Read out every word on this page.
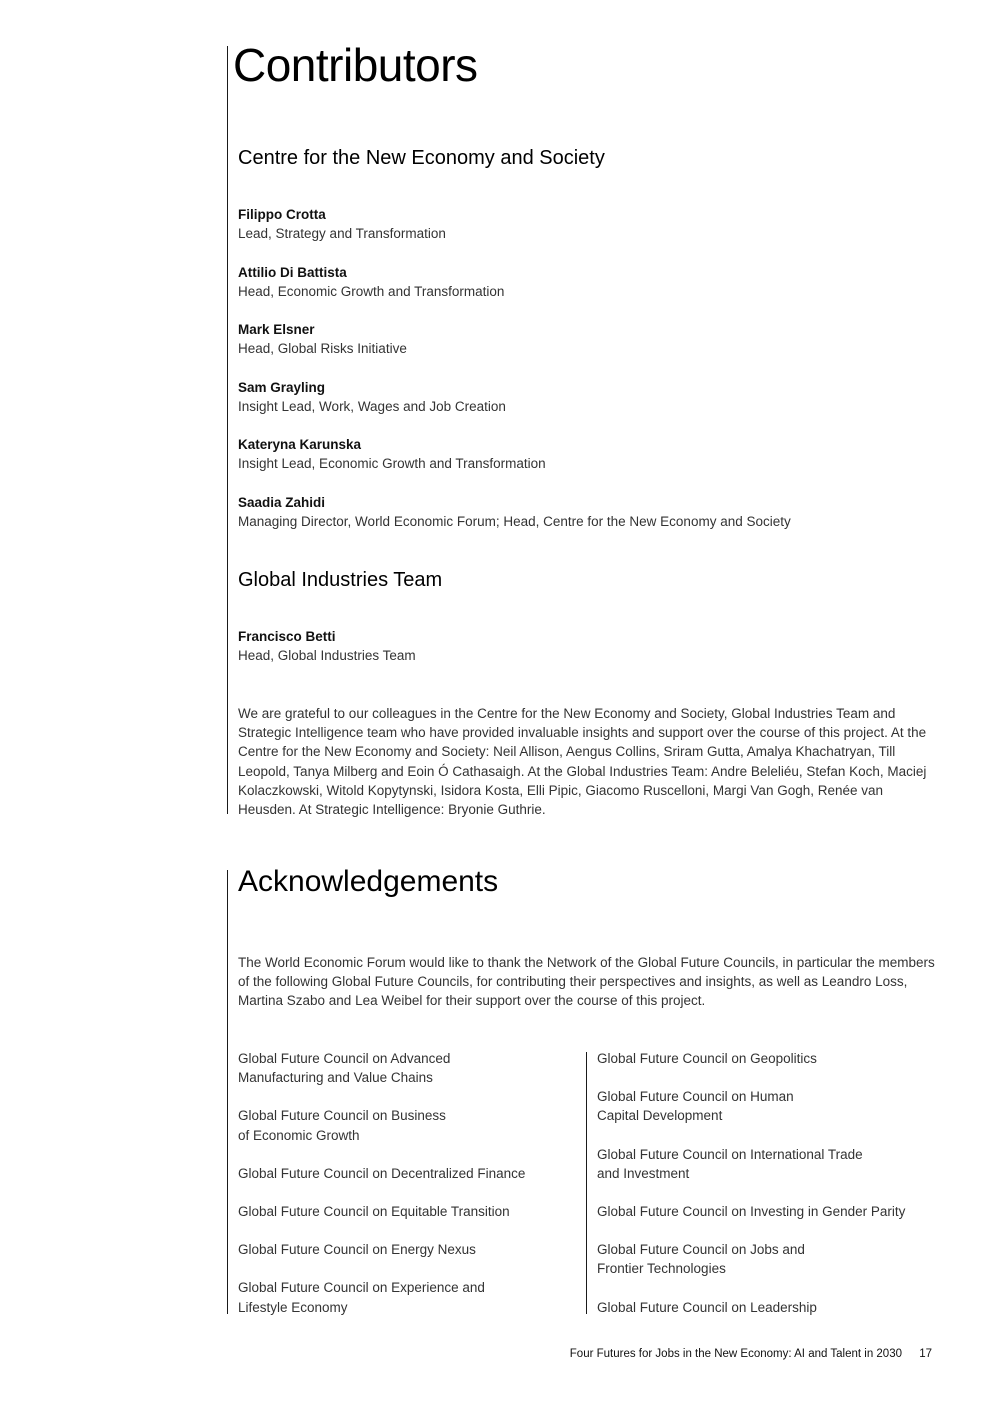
Contributors
Centre for the New Economy and Society
Filippo Crotta
Lead, Strategy and Transformation
Attilio Di Battista
Head, Economic Growth and Transformation
Mark Elsner
Head, Global Risks Initiative
Sam Grayling
Insight Lead, Work, Wages and Job Creation
Kateryna Karunska
Insight Lead, Economic Growth and Transformation
Saadia Zahidi
Managing Director, World Economic Forum; Head, Centre for the New Economy and Society
Global Industries Team
Francisco Betti
Head, Global Industries Team

We are grateful to our colleagues in the Centre for the New Economy and Society, Global Industries Team and Strategic Intelligence team who have provided invaluable insights and support over the course of this project. At the Centre for the New Economy and Society: Neil Allison, Aengus Collins, Sriram Gutta, Amalya Khachatryan, Till Leopold, Tanya Milberg and Eoin Ó Cathasaigh. At the Global Industries Team: Andre Beleliéu, Stefan Koch, Maciej Kolaczkowski, Witold Kopytynski, Isidora Kosta, Elli Pipic, Giacomo Ruscelloni, Margi Van Gogh, Renée van Heusden. At Strategic Intelligence: Bryonie Guthrie.

Acknowledgements

The World Economic Forum would like to thank the Network of the Global Future Councils, in particular the members of the following Global Future Councils, for contributing their perspectives and insights, as well as Leandro Loss, Martina Szabo and Lea Weibel for their support over the course of this project.

Global Future Council on Advanced
Manufacturing and Value Chains
Global Future Council on Business
of Economic Growth
Global Future Council on Decentralized Finance
Global Future Council on Equitable Transition
Global Future Council on Energy Nexus
Global Future Council on Experience and
Lifestyle Economy
Global Future Council on Geopolitics
Global Future Council on Human
Capital Development
Global Future Council on International Trade
and Investment
Global Future Council on Investing in Gender Parity
Global Future Council on Jobs and
Frontier Technologies
Global Future Council on Leadership
Four Futures for Jobs in the New Economy: AI and Talent in 2030 17
